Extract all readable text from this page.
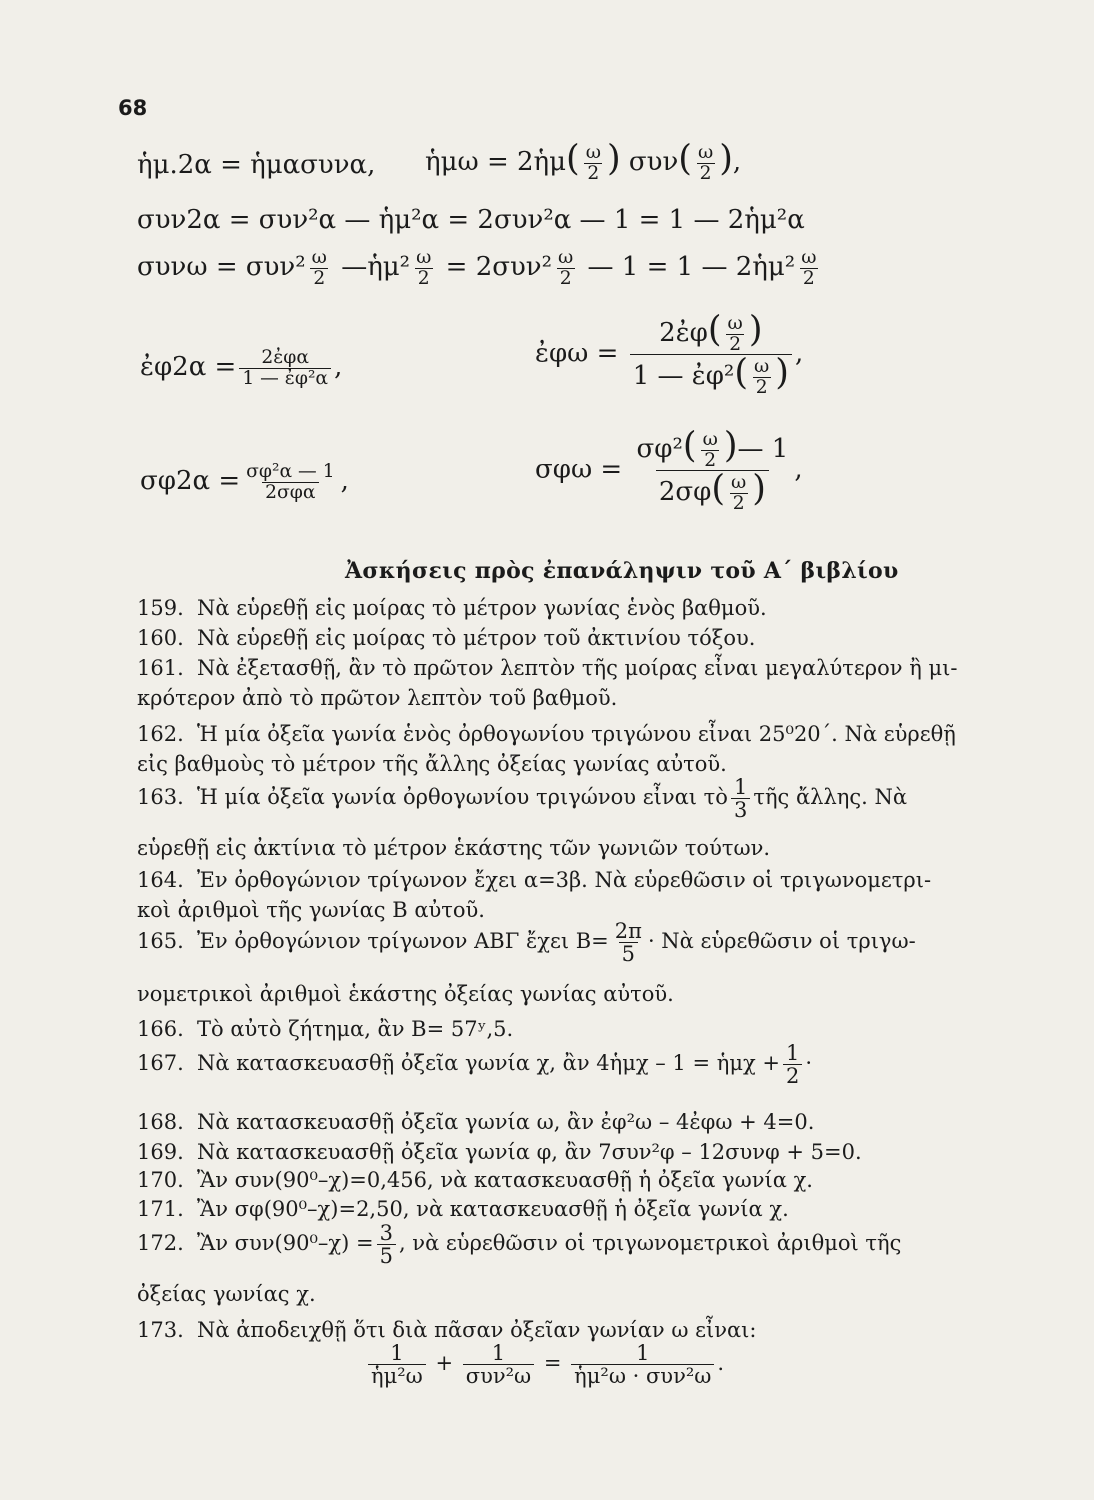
68
ἡμ.2α = ἡμασυνα, ἡμω = 2ἡμ( $\frac{\omega}{2}$ ) $\sigma\upsilon\nu( \frac{\omega}{2}$ ),
συν2α = συν²α — ἡμ²α = 2συν²α — 1 = 1 — 2ἡμ²α
$\sigma\upsilon\nu\omega = \sigma\upsilon\nu^2 \frac{\omega}{2}$ —ἡμ² $\frac{\omega}{2} = 2\sigma\upsilon\nu^2 \frac{\omega}{2}$ — 1 = 1 — 2ἡμ² $\frac{\omega}{2}$
ἐφ2α = $\frac{\text{2ἐφα}}{\text{1 — ἐφ²α}}$ ,	ἐφω = $\frac{2ἐ\varphi( \frac{\omega}{2} )}{1 — ἐ\varphi^2( \frac{\omega}{2} )}$ ,
$\sigma\varphi 2\alpha = \frac{\text{σφ²α — 1}}{\text{2σφα}}$ ,	$\sigma\varphi\omega = \frac{\sigma\varphi^2( \frac{\omega}{2} )— 1}{2\sigma\varphi( \frac{\omega}{2} )}$ ,
Ἀσκήσεις πρὸς ἐπανάληψιν τοῦ Α΄ βιβλίου
159. Νὰ εὑρεθῇ εἰς μοίρας τὸ μέτρον γωνίας ἑνὸς βαθμοῦ.
160. Νὰ εὑρεθῇ εἰς μοίρας τὸ μέτρον τοῦ ἀκτινίου τόξου.
161. Νὰ ἐξετασθῇ, ἂν τὸ πρῶτον λεπτὸν τῆς μοίρας εἶναι μεγαλύτερον ἢ μι-
κρότερον ἀπὸ τὸ πρῶτον λεπτὸν τοῦ βαθμοῦ.
162. Ἡ μία ὀξεῖα γωνία ἑνὸς ὀρθογωνίου τριγώνου εἶναι 25⁰20΄. Νὰ εὑρεθῇ
εἰς βαθμοὺς τὸ μέτρον τῆς ἄλλης ὀξείας γωνίας αὐτοῦ.
163. Ἡ μία ὀξεῖα γωνία ὀρθογωνίου τριγώνου εἶναι τὸ $\frac{1}{3}$ τῆς ἄλλης. Νὰ
εὑρεθῇ εἰς ἀκτίνια τὸ μέτρον ἑκάστης τῶν γωνιῶν τούτων.
164. Ἐν ὀρθογώνιον τρίγωνον ἔχει α=3β. Νὰ εὑρεθῶσιν οἱ τριγωνομετρι-
κοὶ ἀριθμοὶ τῆς γωνίας Β αὐτοῦ.
165. Ἐν ὀρθογώνιον τρίγωνον ΑΒΓ ἔχει $B= \frac{2\pi}{5}$ · Νὰ εὑρεθῶσιν οἱ τριγω-
νομετρικοὶ ἀριθμοὶ ἑκάστης ὀξείας γωνίας αὐτοῦ.
166. Τὸ αὐτὸ ζήτημα, ἂν Β= 57ʸ,5.
167. Νὰ κατασκευασθῇ ὀξεῖα γωνία χ, ἂν 4ἡμχ – 1 = ἡμχ + $\frac{1}{2}$ ·
168. Νὰ κατασκευασθῇ ὀξεῖα γωνία ω, ἂν ἐφ²ω – 4ἐφω + 4=0.
169. Νὰ κατασκευασθῇ ὀξεῖα γωνία φ, ἂν 7συν²φ – 12συνφ + 5=0.
170. Ἂν συν(90⁰–χ)=0,456, νὰ κατασκευασθῇ ἡ ὀξεῖα γωνία χ.
171. Ἂν σφ(90⁰–χ)=2,50, νὰ κατασκευασθῇ ἡ ὀξεῖα γωνία χ.
172. Ἂν $\sigma\upsilon\nu(90^0-\chi) = \frac{3}{5}$ , νὰ εὑρεθῶσιν οἱ τριγωνομετρικοὶ ἀριθμοὶ τῆς
ὀξείας γωνίας χ.
173. Νὰ ἀποδειχθῇ ὅτι διὰ πᾶσαν ὀξεῖαν γωνίαν ω εἶναι:
$\frac{1}{\text{ἡμ²ω}} + \frac{1}{\text{συν²ω}} = \frac{1}{\text{ἡμ²ω · συν²ω}}$ .
